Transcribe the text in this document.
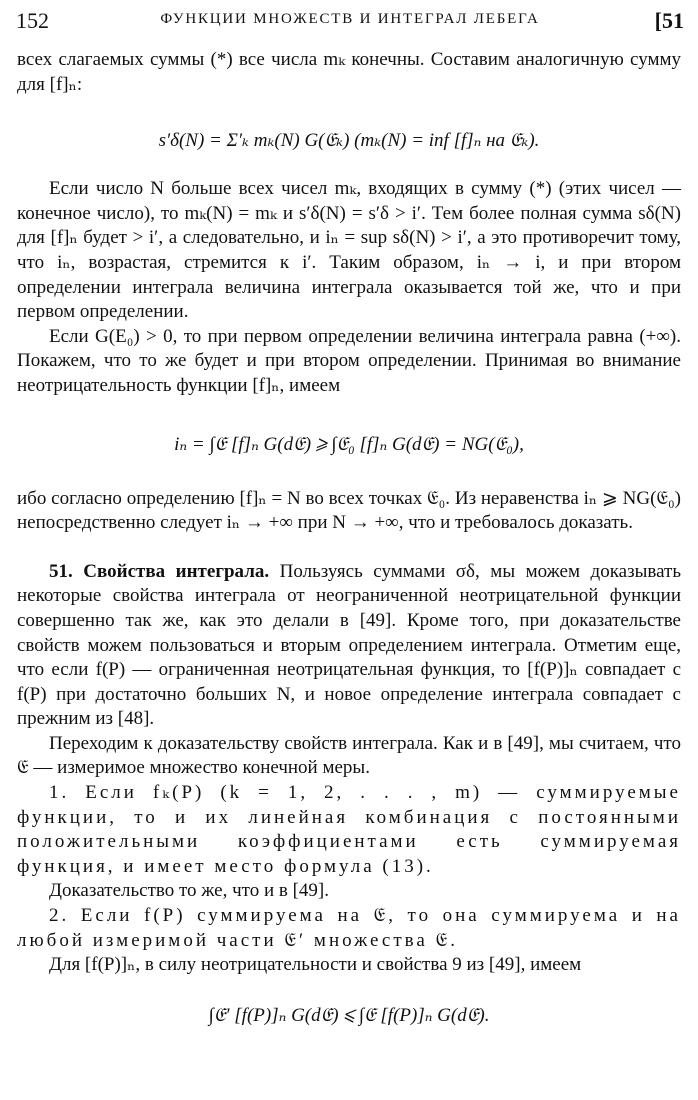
152	ФУНКЦИИ МНОЖЕСТВ И ИНТЕГРАЛ ЛЕБЕГА	[51

всех слагаемых суммы (*) все числа mₖ конечны. Составим аналогичную сумму для [f]ₙ:

s′δ(N) = Σ′ₖ mₖ(N) G(𝔈ₖ) (mₖ(N) = inf [f]ₙ на 𝔈ₖ).

Если число N больше всех чисел mₖ, входящих в сумму (*) (этих чисел — конечное число), то mₖ(N) = mₖ и s′δ(N) = s′δ > i′. Тем более полная сумма sδ(N) для [f]ₙ будет > i′, а следовательно, и iₙ = sup sδ(N) > i′, а это противоречит тому, что iₙ, возрастая, стремится к i′. Таким образом, iₙ → i, и при втором определении интеграла величина интеграла оказывается той же, что и при первом определении.

Если G(E₀) > 0, то при первом определении величина интеграла равна (+∞). Покажем, что то же будет и при втором определении. Принимая во внимание неотрицательность функции [f]ₙ, имеем

iₙ = ∫𝔈 [f]ₙ G(d𝔈) ⩾ ∫𝔈₀ [f]ₙ G(d𝔈) = NG(𝔈₀),

ибо согласно определению [f]ₙ = N во всех точках 𝔈₀. Из неравенства iₙ ⩾ NG(𝔈₀) непосредственно следует iₙ → +∞ при N → +∞, что и требовалось доказать.

51. Свойства интеграла. Пользуясь суммами σδ, мы можем доказывать некоторые свойства интеграла от неограниченной неотрицательной функции совершенно так же, как это делали в [49]. Кроме того, при доказательстве свойств можем пользоваться и вторым определением интеграла. Отметим еще, что если f(P) — ограниченная неотрицательная функция, то [f(P)]ₙ совпадает с f(P) при достаточно больших N, и новое определение интеграла совпадает с прежним из [48].

Переходим к доказательству свойств интеграла. Как и в [49], мы считаем, что 𝔈 — измеримое множество конечной меры.

1. Если fₖ(P) (k = 1, 2, . . . , m) — суммируемые функции, то и их линейная комбинация с постоянными положительными коэффициентами есть суммируемая функция, и имеет место формула (13).

Доказательство то же, что и в [49].

2. Если f(P) суммируема на 𝔈, то она суммируема и на любой измеримой части 𝔈′ множества 𝔈.

Для [f(P)]ₙ, в силу неотрицательности и свойства 9 из [49], имеем

∫𝔈′ [f(P)]ₙ G(d𝔈) ⩽ ∫𝔈 [f(P)]ₙ G(d𝔈).
